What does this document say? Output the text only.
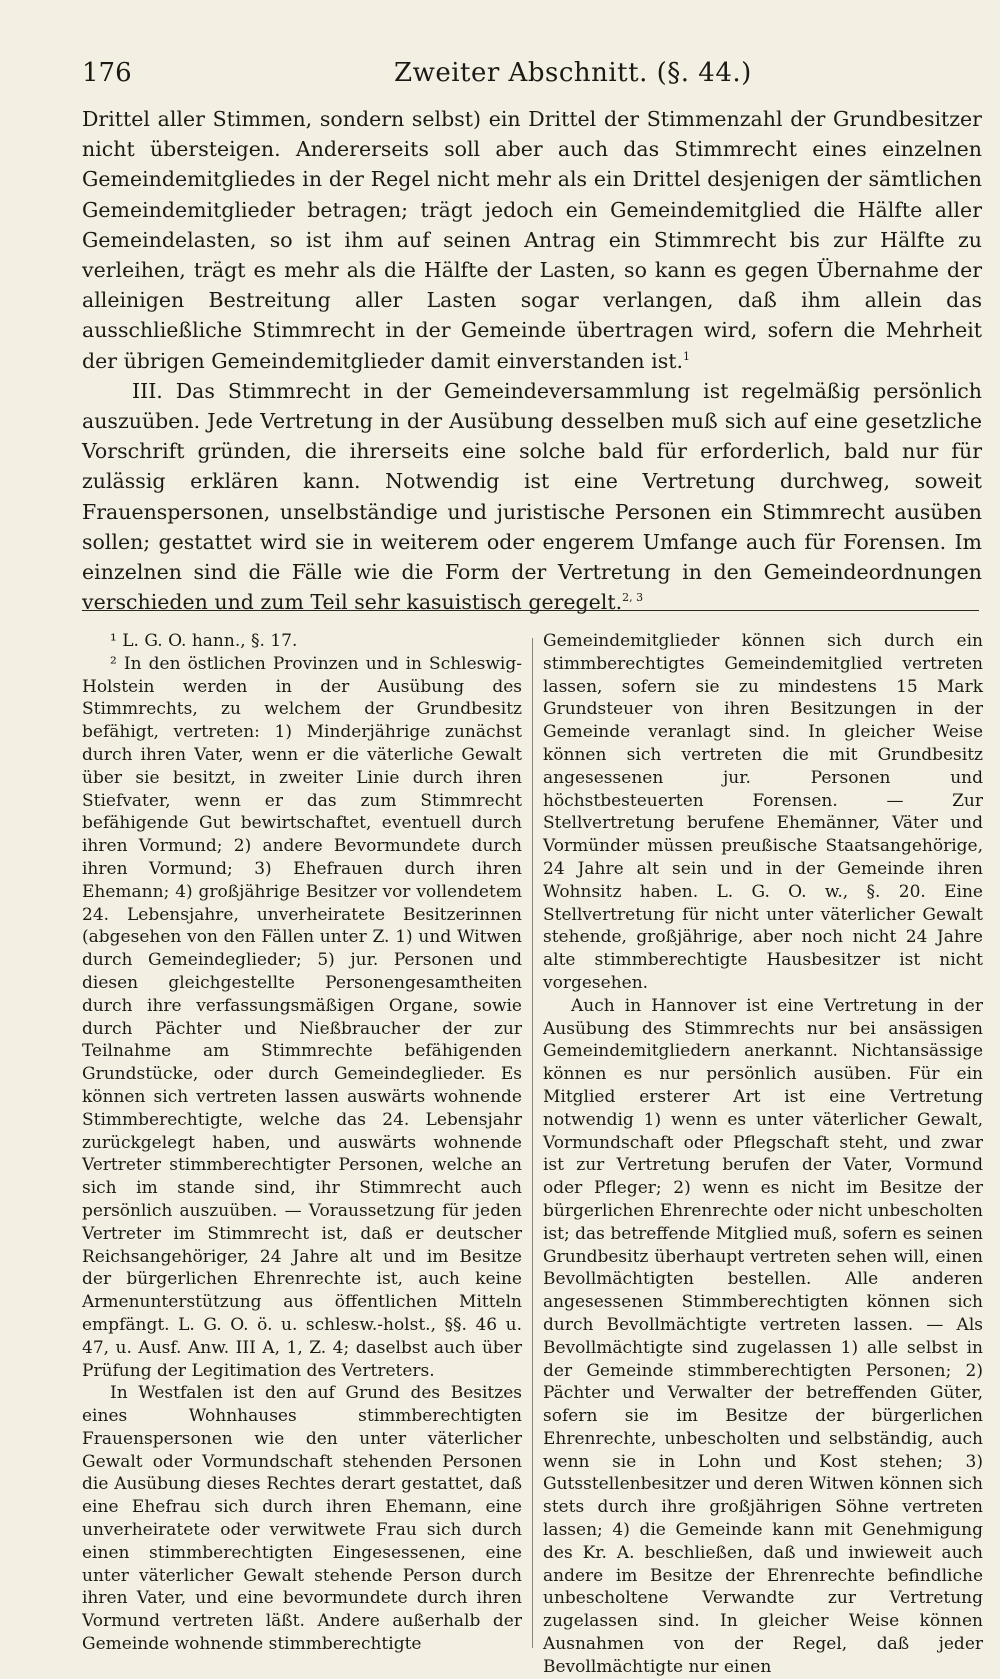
176	Zweiter Abschnitt. (§. 44.)

Drittel aller Stimmen, sondern selbst) ein Drittel der Stimmenzahl der Grundbesitzer nicht übersteigen. Andererseits soll aber auch das Stimmrecht eines einzelnen Gemeindemitgliedes in der Regel nicht mehr als ein Drittel desjenigen der sämtlichen Gemeindemitglieder betragen; trägt jedoch ein Gemeindemitglied die Hälfte aller Gemeindelasten, so ist ihm auf seinen Antrag ein Stimmrecht bis zur Hälfte zu verleihen, trägt es mehr als die Hälfte der Lasten, so kann es gegen Übernahme der alleinigen Bestreitung aller Lasten sogar verlangen, daß ihm allein das ausschließliche Stimmrecht in der Gemeinde übertragen wird, sofern die Mehrheit der übrigen Gemeindemitglieder damit einverstanden ist.$^1$

III. Das Stimmrecht in der Gemeindeversammlung ist regelmäßig persönlich auszuüben. Jede Vertretung in der Ausübung desselben muß sich auf eine gesetzliche Vorschrift gründen, die ihrerseits eine solche bald für erforderlich, bald nur für zulässig erklären kann. Notwendig ist eine Vertretung durchweg, soweit Frauenspersonen, unselbständige und juristische Personen ein Stimmrecht ausüben sollen; gestattet wird sie in weiterem oder engerem Umfange auch für Forensen. Im einzelnen sind die Fälle wie die Form der Vertretung in den Gemeindeordnungen verschieden und zum Teil sehr kasuistisch geregelt.$^{2, 3}$

¹ L. G. O. hann., §. 17.

² In den östlichen Provinzen und in Schleswig-Holstein werden in der Ausübung des Stimmrechts, zu welchem der Grundbesitz befähigt, vertreten: 1) Minderjährige zunächst durch ihren Vater, wenn er die väterliche Gewalt über sie besitzt, in zweiter Linie durch ihren Stiefvater, wenn er das zum Stimmrecht befähigende Gut bewirtschaftet, eventuell durch ihren Vormund; 2) andere Bevormundete durch ihren Vormund; 3) Ehefrauen durch ihren Ehemann; 4) großjährige Besitzer vor vollendetem 24. Lebensjahre, unverheiratete Besitzerinnen (abgesehen von den Fällen unter Z. 1) und Witwen durch Gemeindeglieder; 5) jur. Personen und diesen gleichgestellte Personengesamtheiten durch ihre verfassungsmäßigen Organe, sowie durch Pächter und Nießbraucher der zur Teilnahme am Stimmrechte befähigenden Grundstücke, oder durch Gemeindeglieder. Es können sich vertreten lassen auswärts wohnende Stimmberechtigte, welche das 24. Lebensjahr zurückgelegt haben, und auswärts wohnende Vertreter stimmberechtigter Personen, welche an sich im stande sind, ihr Stimmrecht auch persönlich auszuüben. — Voraussetzung für jeden Vertreter im Stimmrecht ist, daß er deutscher Reichsangehöriger, 24 Jahre alt und im Besitze der bürgerlichen Ehrenrechte ist, auch keine Armenunterstützung aus öffentlichen Mitteln empfängt. L. G. O. ö. u. schlesw.-holst., §§. 46 u. 47, u. Ausf. Anw. III A, 1, Z. 4; daselbst auch über Prüfung der Legitimation des Vertreters.

In Westfalen ist den auf Grund des Besitzes eines Wohnhauses stimmberechtigten Frauenspersonen wie den unter väterlicher Gewalt oder Vormundschaft stehenden Personen die Ausübung dieses Rechtes derart gestattet, daß eine Ehefrau sich durch ihren Ehemann, eine unverheiratete oder verwitwete Frau sich durch einen stimmberechtigten Eingesessenen, eine unter väterlicher Gewalt stehende Person durch ihren Vater, und eine bevormundete durch ihren Vormund vertreten läßt. Andere außerhalb der Gemeinde wohnende stimmberechtigte

Gemeindemitglieder können sich durch ein stimmberechtigtes Gemeindemitglied vertreten lassen, sofern sie zu mindestens 15 Mark Grundsteuer von ihren Besitzungen in der Gemeinde veranlagt sind. In gleicher Weise können sich vertreten die mit Grundbesitz angesessenen jur. Personen und höchstbesteuerten Forensen. — Zur Stellvertretung berufene Ehemänner, Väter und Vormünder müssen preußische Staatsangehörige, 24 Jahre alt sein und in der Gemeinde ihren Wohnsitz haben. L. G. O. w., §. 20. Eine Stellvertretung für nicht unter väterlicher Gewalt stehende, großjährige, aber noch nicht 24 Jahre alte stimmberechtigte Hausbesitzer ist nicht vorgesehen.

Auch in Hannover ist eine Vertretung in der Ausübung des Stimmrechts nur bei ansässigen Gemeindemitgliedern anerkannt. Nichtansässige können es nur persönlich ausüben. Für ein Mitglied ersterer Art ist eine Vertretung notwendig 1) wenn es unter väterlicher Gewalt, Vormundschaft oder Pflegschaft steht, und zwar ist zur Vertretung berufen der Vater, Vormund oder Pfleger; 2) wenn es nicht im Besitze der bürgerlichen Ehrenrechte oder nicht unbescholten ist; das betreffende Mitglied muß, sofern es seinen Grundbesitz überhaupt vertreten sehen will, einen Bevollmächtigten bestellen. Alle anderen angesessenen Stimmberechtigten können sich durch Bevollmächtigte vertreten lassen. — Als Bevollmächtigte sind zugelassen 1) alle selbst in der Gemeinde stimmberechtigten Personen; 2) Pächter und Verwalter der betreffenden Güter, sofern sie im Besitze der bürgerlichen Ehrenrechte, unbescholten und selbständig, auch wenn sie in Lohn und Kost stehen; 3) Gutsstellenbesitzer und deren Witwen können sich stets durch ihre großjährigen Söhne vertreten lassen; 4) die Gemeinde kann mit Genehmigung des Kr. A. beschließen, daß und inwieweit auch andere im Besitze der Ehrenrechte befindliche unbescholtene Verwandte zur Vertretung zugelassen sind. In gleicher Weise können Ausnahmen von der Regel, daß jeder Bevollmächtigte nur einen
